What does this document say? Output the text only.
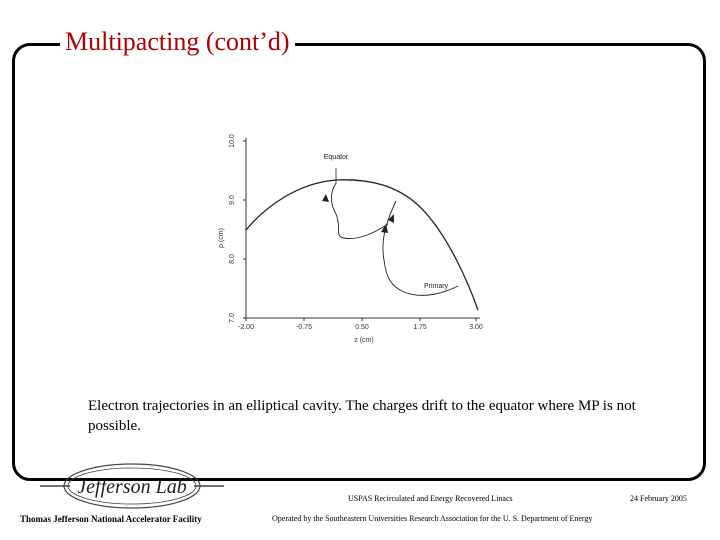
Multipacting (cont’d)
7.0
8.0
9.0
10.0
ρ (cm)
-2.00	-0.75	0.50	1.75	3.00
z (cm)
Equator
Primary
Electron trajectories in an elliptical cavity. The charges drift to the equator where MP is not possible.
Jefferson Lab
Thomas Jefferson National Accelerator Facility
USPAS Recirculated and Energy Recovered Linacs	24 February 2005
Operated by the Southeastern Universities Research Association for the U. S. Department of Energy
